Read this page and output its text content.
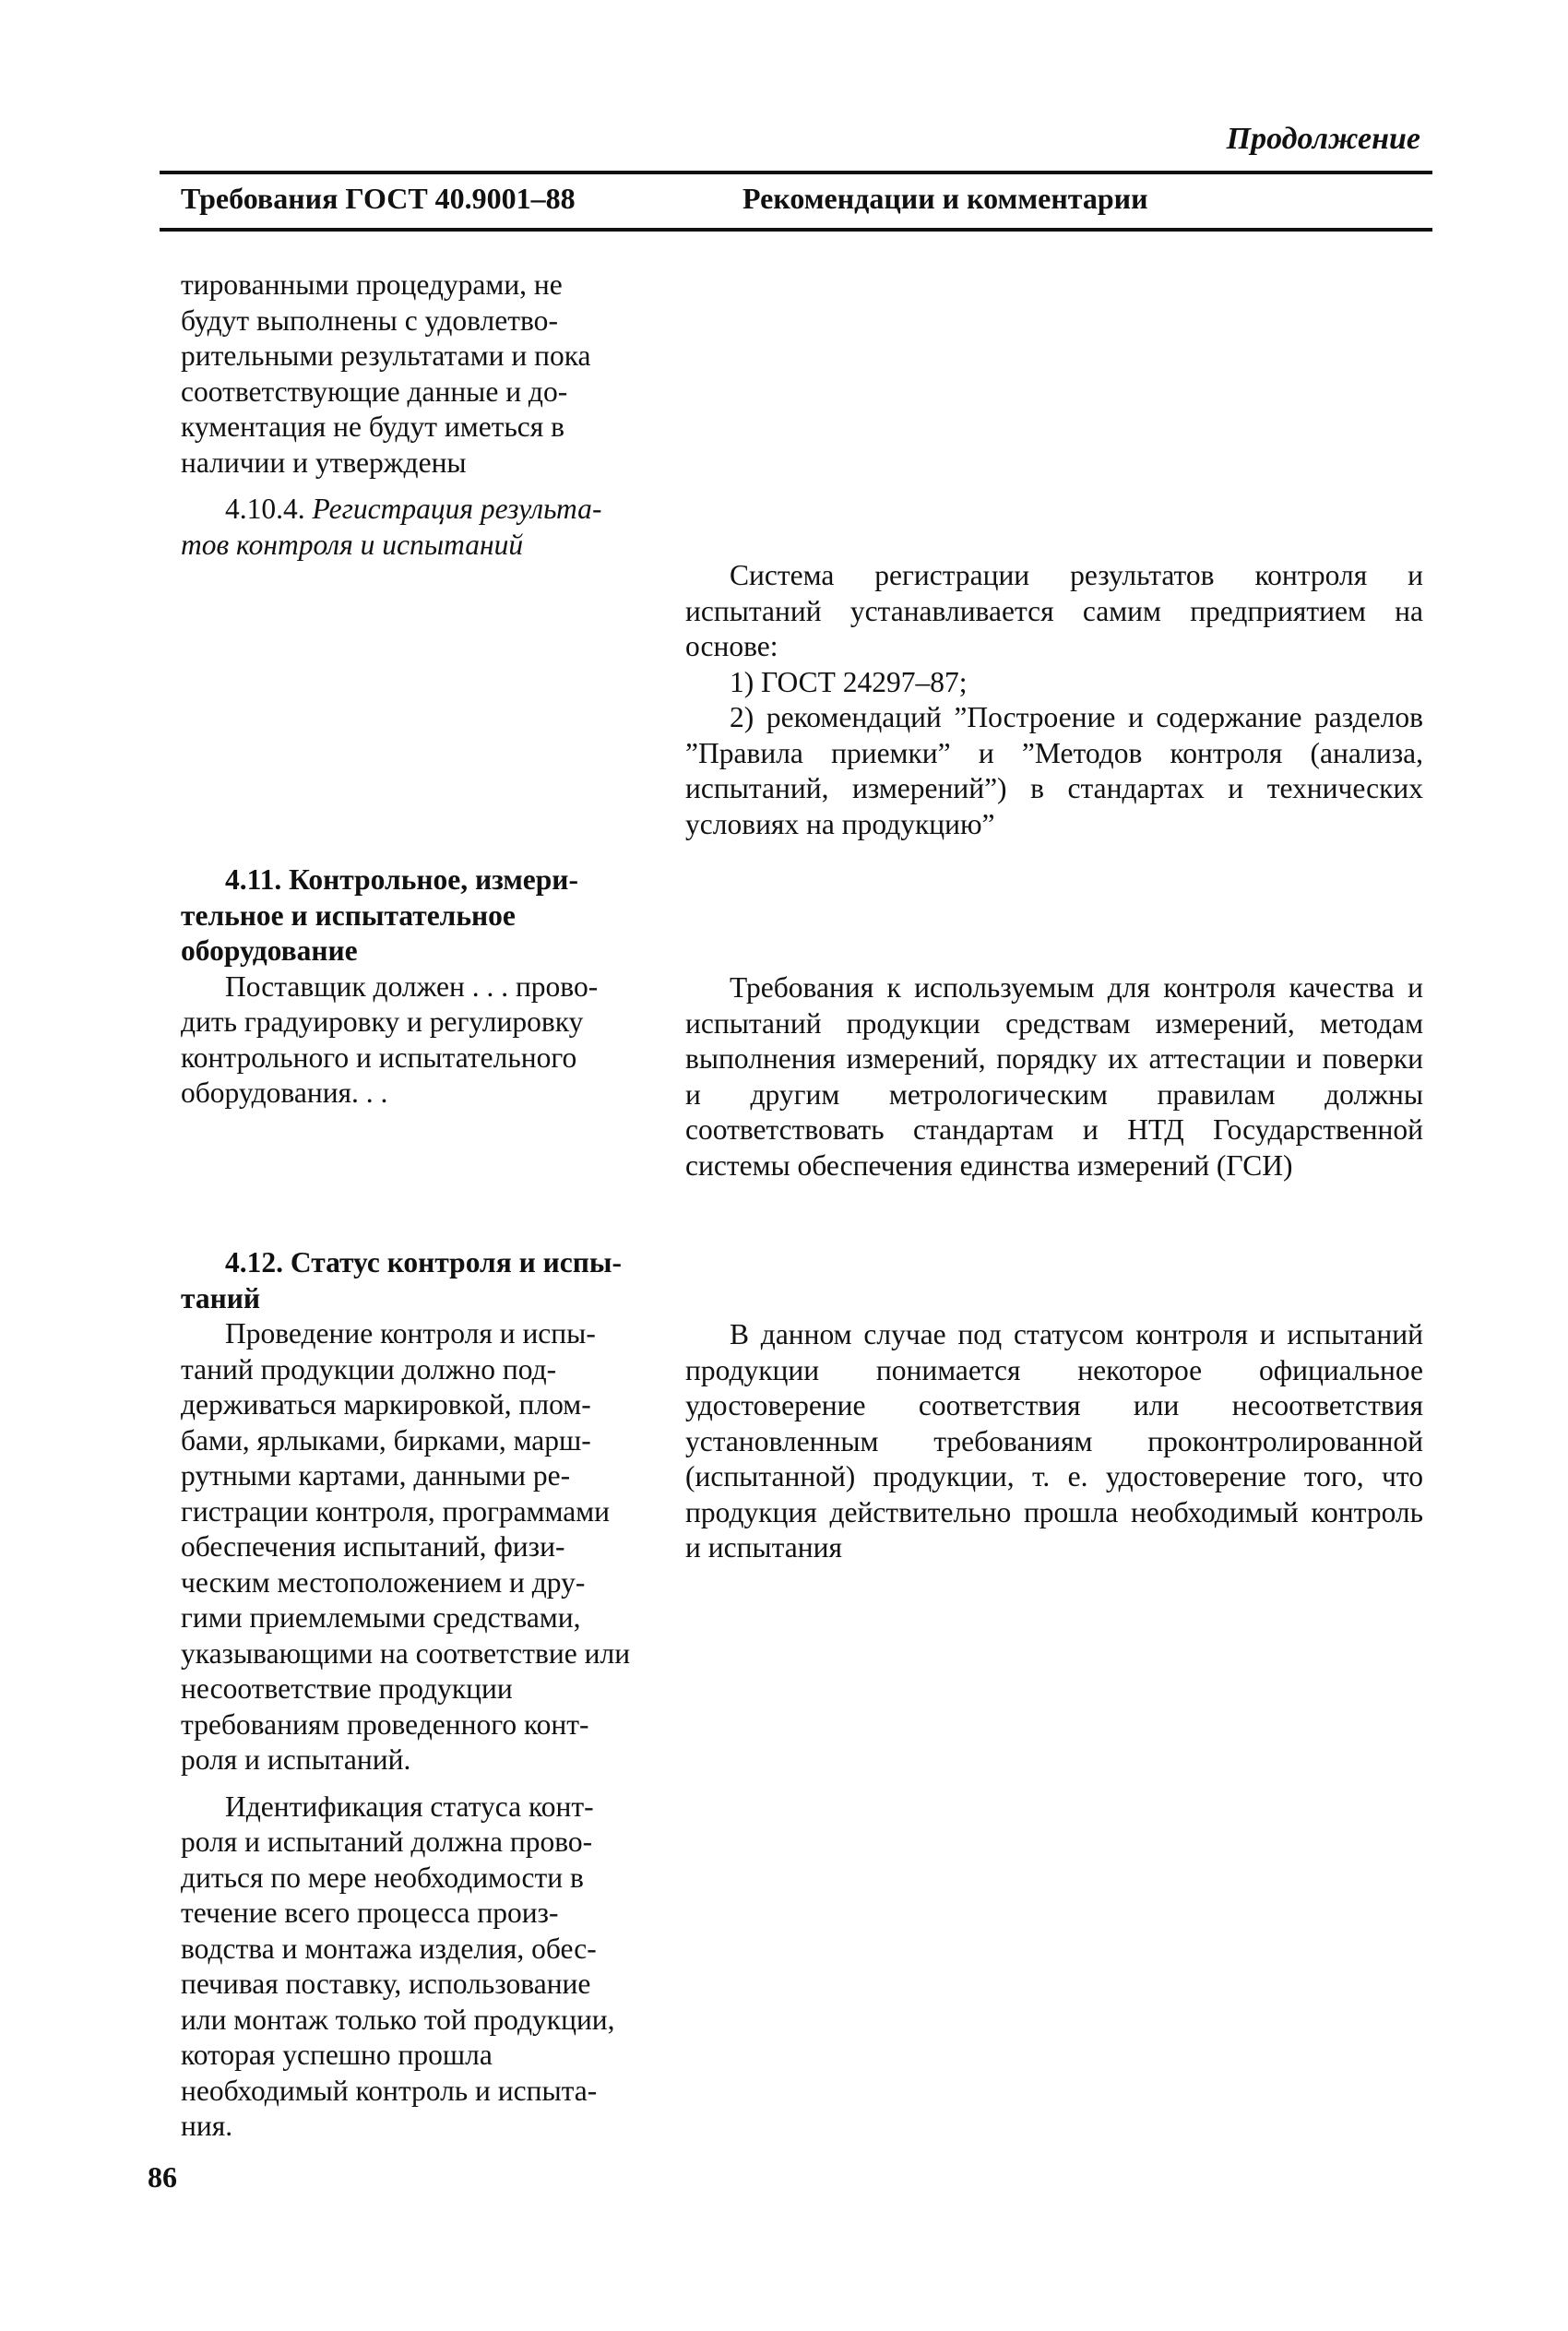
Продолжение
Требования ГОСТ 40.9001–88	Рекомендации и комментарии

тированными процедурами, не будут выполнены с удовлетворительными результатами и пока соответствующие данные и документация не будут иметься в наличии и утверждены

4.10.4. Регистрация результатов контроля и испытаний

4.11. Контрольное, измерительное и испытательное оборудование

Поставщик должен . . . проводить градуировку и регулировку контрольного и испытательного оборудования. . .

4.12. Статус контроля и испытаний

Проведение контроля и испытаний продукции должно поддерживаться маркировкой, пломбами, ярлыками, бирками, маршрутными картами, данными регистрации контроля, программами обеспечения испытаний, физическим местоположением и другими приемлемыми средствами, указывающими на соответствие или несоответствие продукции требованиям проведенного контроля и испытаний.

Идентификация статуса контроля и испытаний должна проводиться по мере необходимости в течение всего процесса производства и монтажа изделия, обеспечивая поставку, использование или монтаж только той продукции, которая успешно прошла необходимый контроль и испытания.

Система регистрации результатов контроля и испытаний устанавливается самим предприятием на основе:

1) ГОСТ 24297–87;

2) рекомендаций ”Построение и содержание разделов ”Правила приемки” и ”Методов контроля (анализа, испытаний, измерений”) в стандартах и технических условиях на продукцию”

Требования к используемым для контроля качества и испытаний продукции средствам измерений, методам выполнения измерений, порядку их аттестации и поверки и другим метрологическим правилам должны соответствовать стандартам и НТД Государственной системы обеспечения единства измерений (ГСИ)

В данном случае под статусом контроля и испытаний продукции понимается некоторое официальное удостоверение соответствия или несоответствия установленным требованиям проконтролированной (испытанной) продукции, т. е. удостоверение того, что продукция действительно прошла необходимый контроль и испытания

86
